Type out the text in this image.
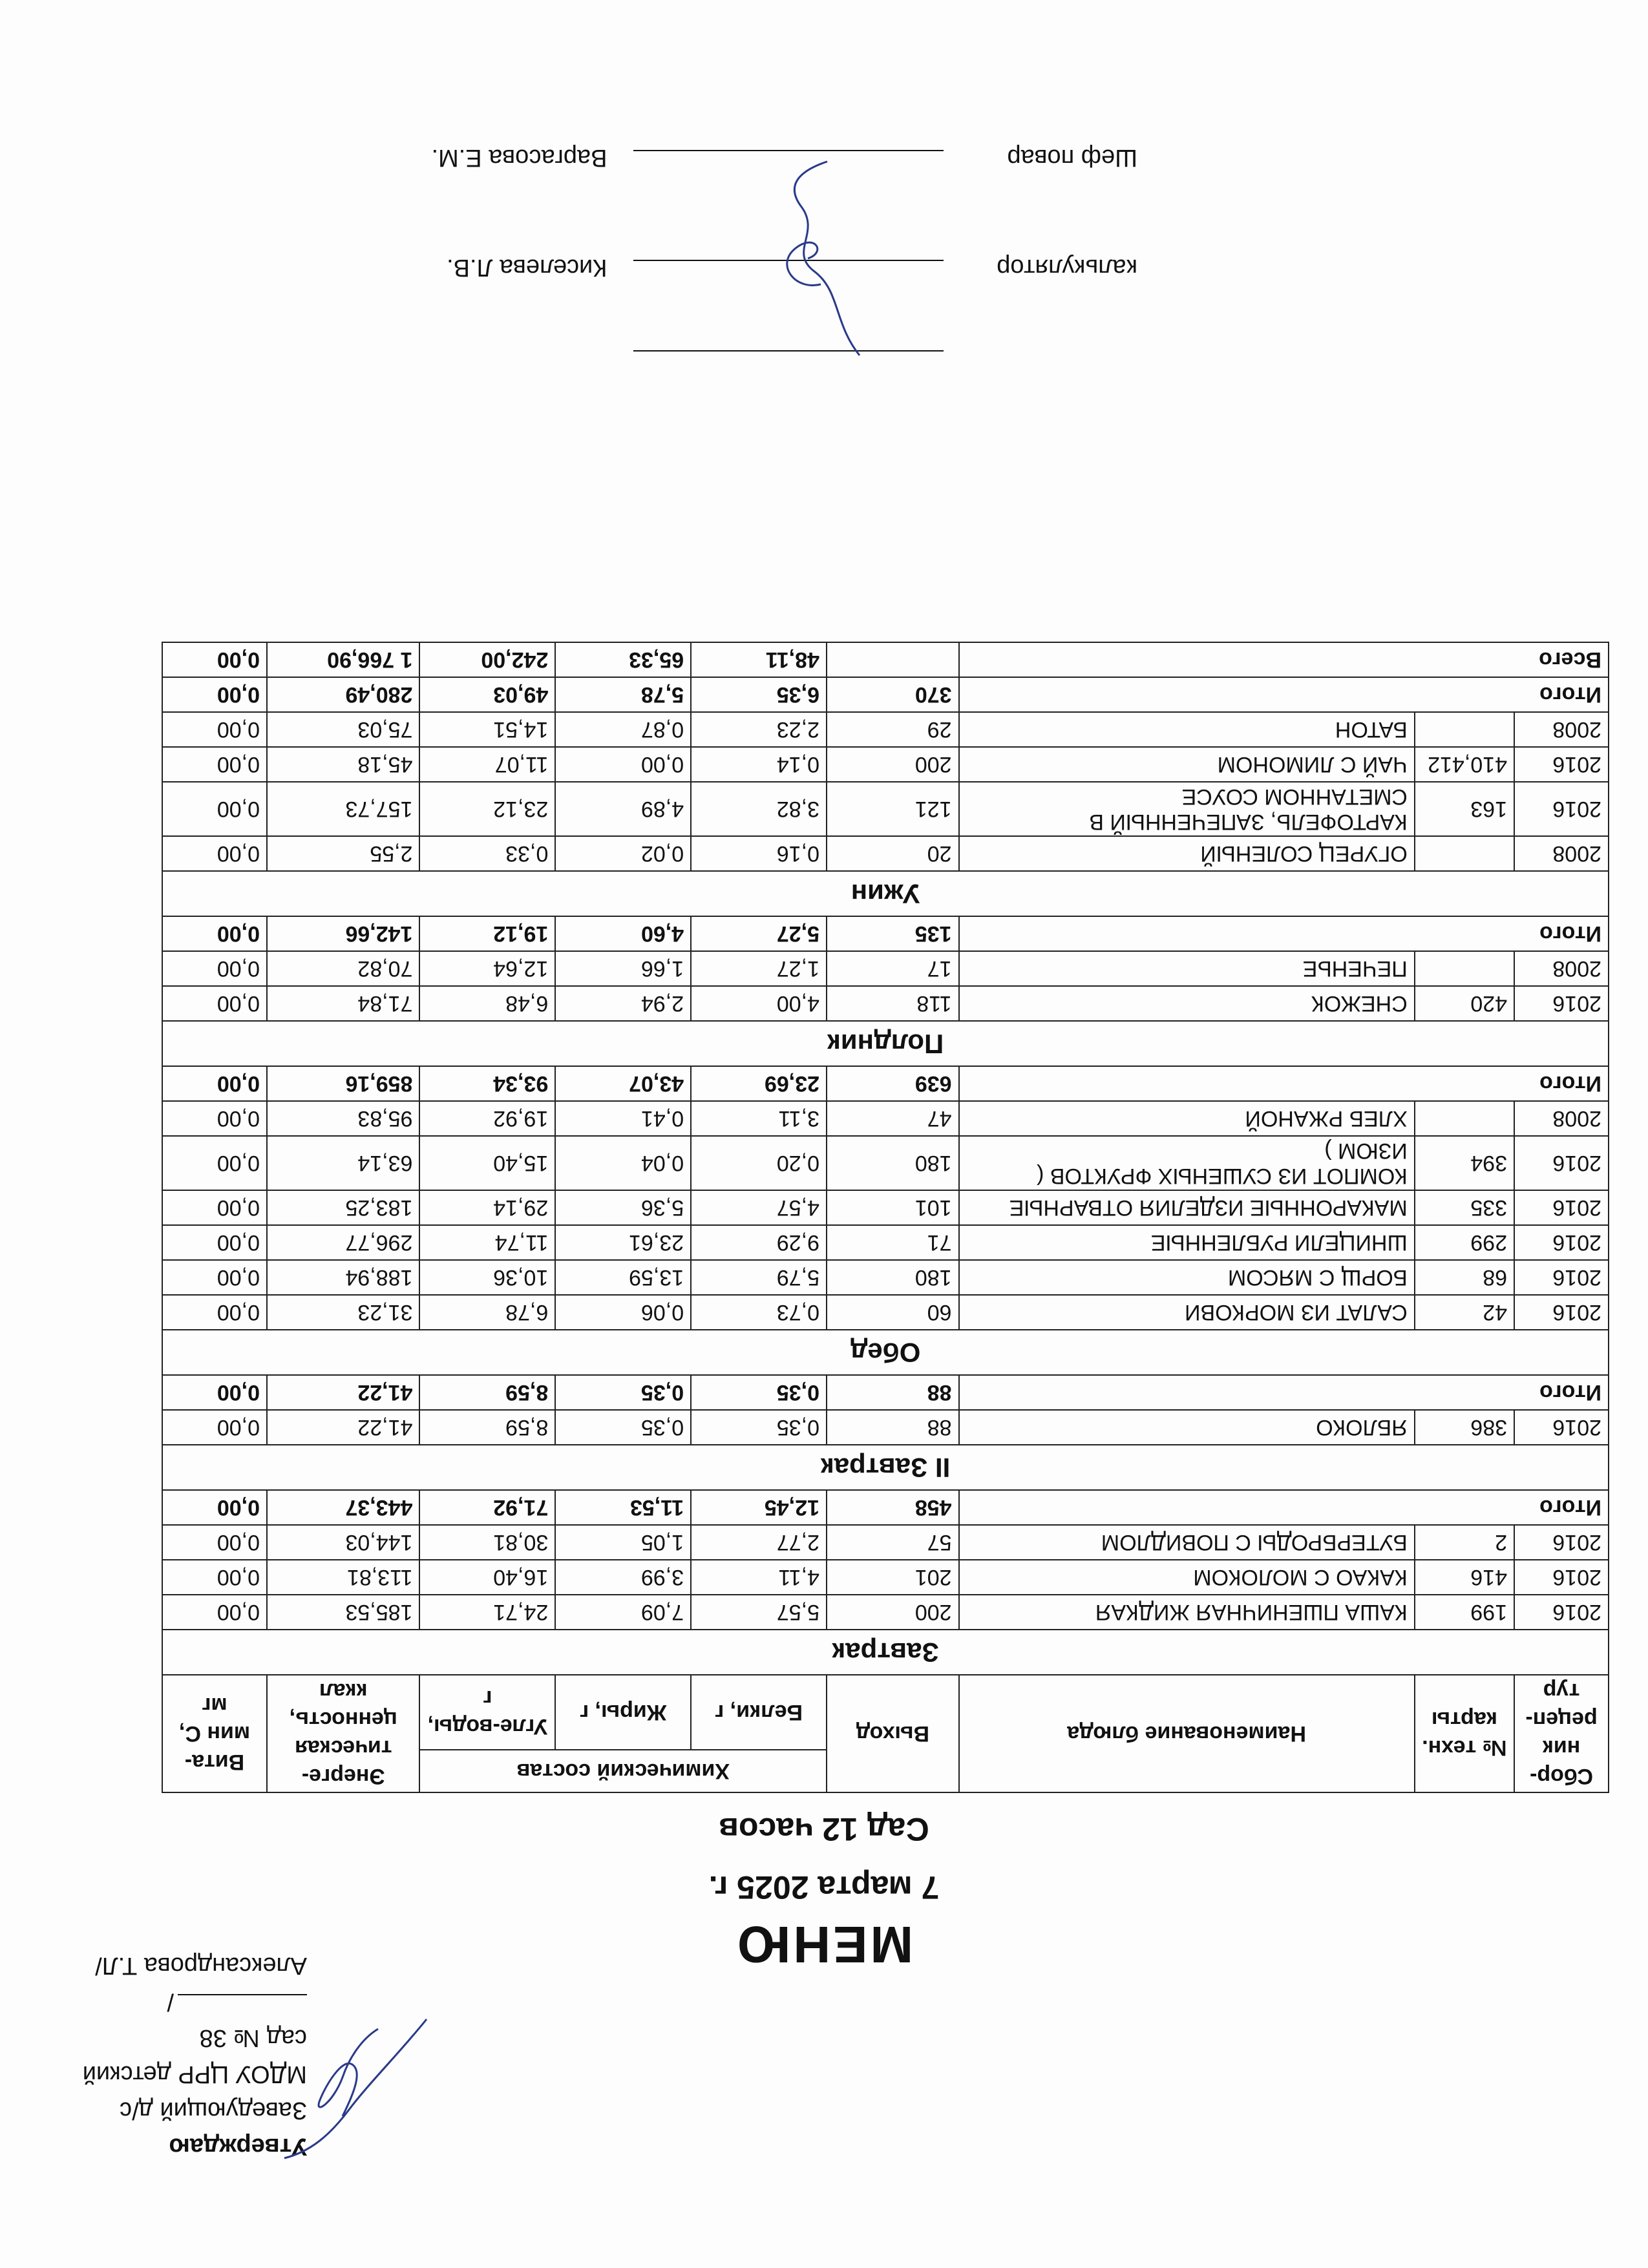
Утверждаю
Заведующий д/с
МДОУ ЦРР детский сад № 38
/Александрова Т.Л/	МЕНЮ
7 марта 2025 г.
Сад 12 часов
Сбор-ник рецеп-тур	№ техн. карты	Наименование блюда	Выход	Химический состав			Энерге-тическая ценность, ккал	Вита-мин С, мг
				Белки, г	Жиры, г	Угле-воды, г		
Завтрак								
2016	199	КАША ПШЕНИЧНАЯ ЖИДКАЯ	200	5,57	7,09	24,71	185,53	0,00
2016	416	КАКАО С МОЛОКОМ	201	4,11	3,99	16,40	113,81	0,00
2016	2	БУТЕРБРОДЫ С ПОВИДЛОМ	57	2,77	1,05	30,81	144,03	0,00
Итого			458	12,45	11,53	71,92	443,37	0,00
II Завтрак								
2016	386	ЯБЛОКО	88	0,35	0,35	8,59	41,22	0,00
Итого			88	0,35	0,35	8,59	41,22	0,00
Обед								
2016	42	САЛАТ ИЗ МОРКОВИ	60	0,73	0,06	6,78	31,23	0,00
2016	68	БОРЩ С МЯСОМ	180	5,79	13,59	10,36	188,94	0,00
2016	299	ШНИЦЕЛИ РУБЛЕННЫЕ	71	9,29	23,61	11,74	296,77	0,00
2016	335	МАКАРОННЫЕ ИЗДЕЛИЯ ОТВАРНЫЕ	101	4,57	5,36	29,14	183,25	0,00
2016	394	КОМПОТ ИЗ СУШЕНЫХ ФРУКТОВ ( ИЗЮМ )	180	0,20	0,04	15,40	63,14	0,00
2008		ХЛЕБ РЖАНОЙ	47	3,11	0,41	19,92	95,83	0,00
Итого			639	23,69	43,07	93,34	859,16	0,00
Полдник								
2016	420	СНЕЖОК	118	4,00	2,94	6,48	71,84	0,00
2008		ПЕЧЕНЬЕ	17	1,27	1,66	12,64	70,82	0,00
Итого			135	5,27	4,60	19,12	142,66	0,00
Ужин								
2008		ОГУРЕЦ СОЛЕНЫЙ	20	0,16	0,02	0,33	2,55	0,00
2016	163	КАРТОФЕЛЬ, ЗАПЕЧЕННЫЙ В СМЕТАННОМ СОУСЕ	121	3,82	4,89	23,12	157,73	0,00
2016	410,412	ЧАЙ С ЛИМОНОМ	200	0,14	0,00	11,07	45,18	0,00
2008		БАТОН	29	2,23	0,87	14,51	75,03	0,00
Итого			370	6,35	5,78	49,03	280,49	0,00
Всего				48,11	65,33	242,00	1 766,90	0,00
Киселева Л.В.	калькулятор
Варгасова Е.М.	Шеф повар
